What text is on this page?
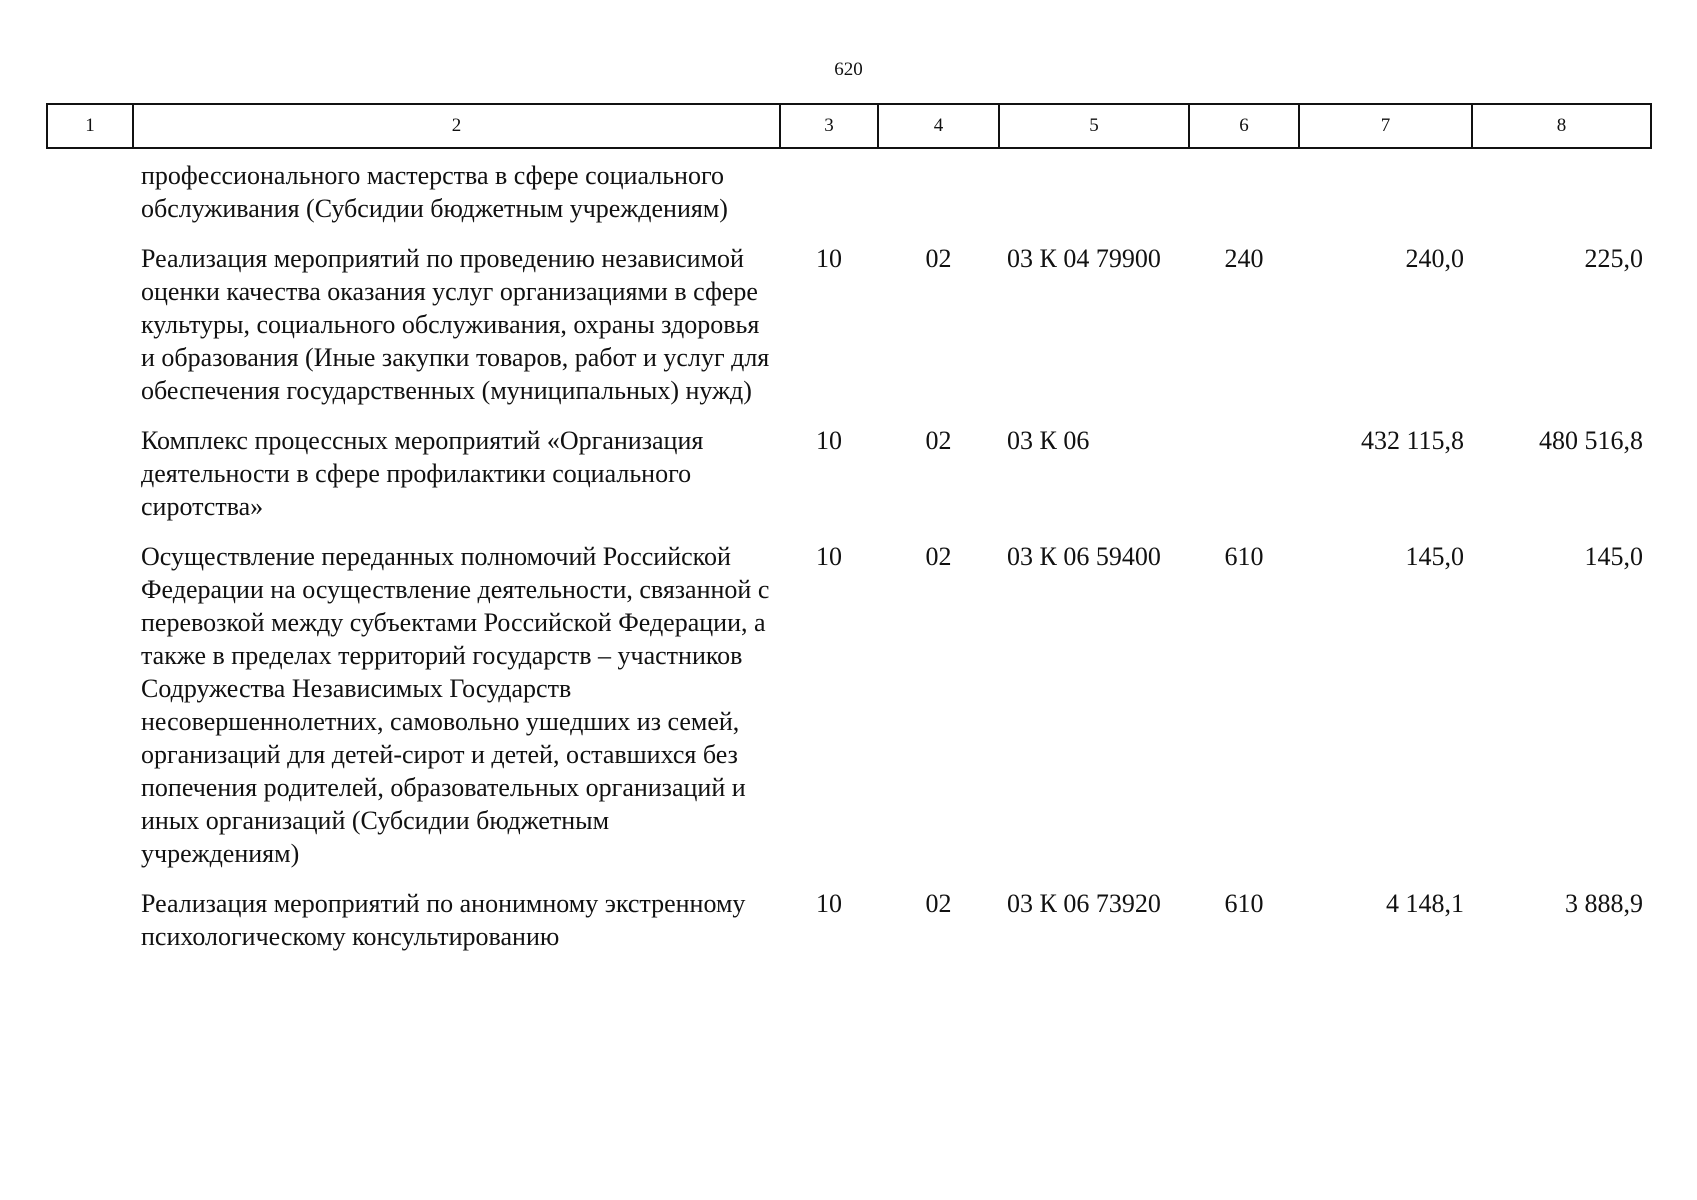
620
1	2	3	4	5	6	7	8
	профессионального мастерства в сфере социального обслуживания (Субсидии бюджетным учреждениям)						
	Реализация мероприятий по проведению независимой оценки качества оказания услуг организациями в сфере культуры, социального обслуживания, охраны здоровья и образования (Иные закупки товаров, работ и услуг для обеспечения государственных (муниципальных) нужд)	10	02	03 К 04 79900	240	240,0	225,0
	Комплекс процессных мероприятий «Организация деятельности в сфере профилактики социального сиротства»	10	02	03 К 06		432 115,8	480 516,8
	Осуществление переданных полномочий Российской Федерации на осуществление деятельности, связанной с перевозкой между субъектами Российской Федерации, а также в пределах территорий государств – участников Содружества Независимых Государств несовершеннолетних, самовольно ушедших из семей, организаций для детей-сирот и детей, оставшихся без попечения родителей, образовательных организаций и иных организаций (Субсидии бюджетным учреждениям)	10	02	03 К 06 59400	610	145,0	145,0
	Реализация мероприятий по анонимному экстренному психологическому консультированию	10	02	03 К 06 73920	610	4 148,1	3 888,9
